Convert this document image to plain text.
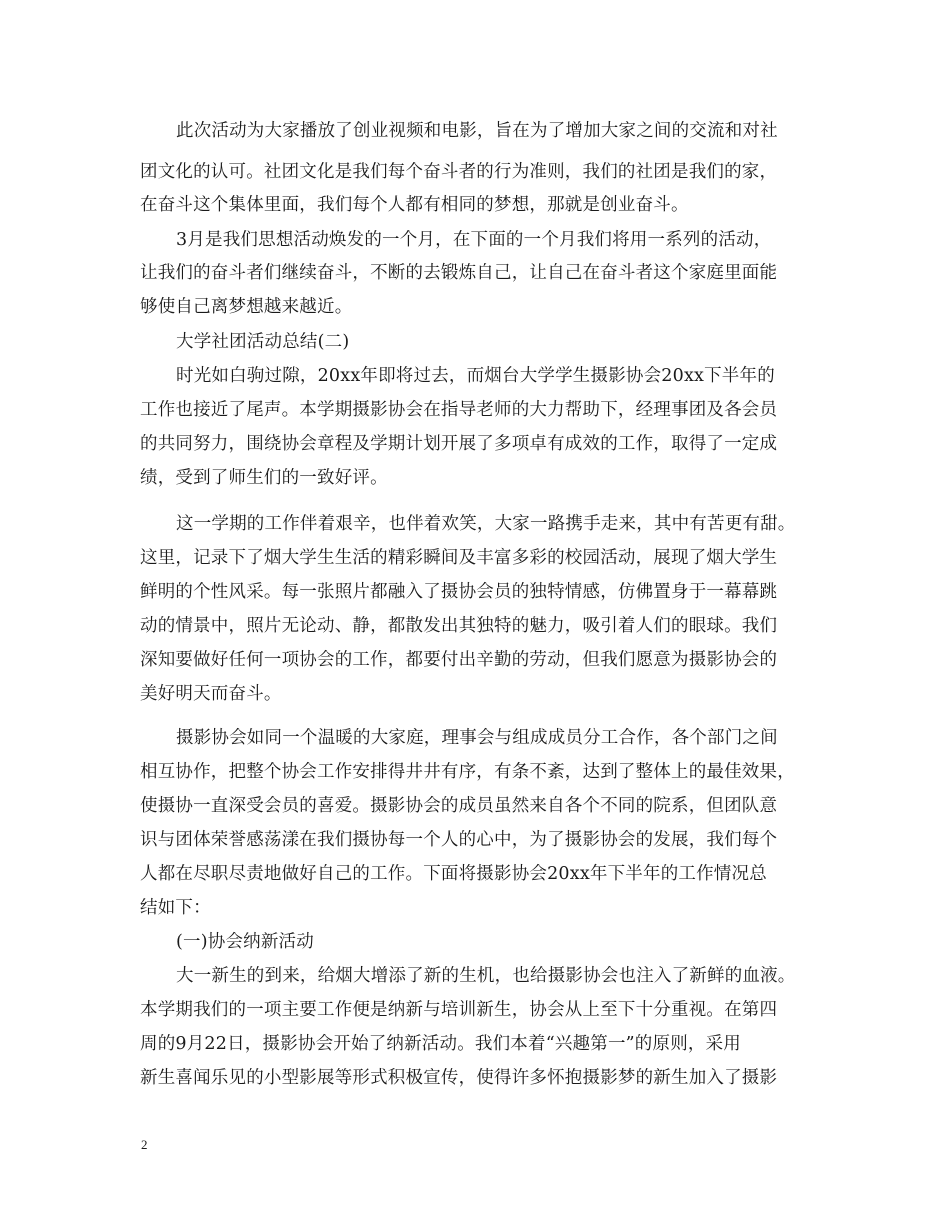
此次活动为大家播放了创业视频和电影，旨在为了增加大家之间的交流和对社
团文化的认可。社团文化是我们每个奋斗者的行为准则，我们的社团是我们的家，
在奋斗这个集体里面，我们每个人都有相同的梦想，那就是创业奋斗。
3月是我们思想活动焕发的一个月，在下面的一个月我们将用一系列的活动，
让我们的奋斗者们继续奋斗，不断的去锻炼自己，让自己在奋斗者这个家庭里面能
够使自己离梦想越来越近。
大学社团活动总结(二)
时光如白驹过隙，20xx年即将过去，而烟台大学学生摄影协会20xx下半年的
工作也接近了尾声。本学期摄影协会在指导老师的大力帮助下，经理事团及各会员
的共同努力，围绕协会章程及学期计划开展了多项卓有成效的工作，取得了一定成
绩，受到了师生们的一致好评。
这一学期的工作伴着艰辛，也伴着欢笑，大家一路携手走来，其中有苦更有甜。
这里，记录下了烟大学生生活的精彩瞬间及丰富多彩的校园活动，展现了烟大学生
鲜明的个性风采。每一张照片都融入了摄协会员的独特情感，仿佛置身于一幕幕跳
动的情景中，照片无论动、静，都散发出其独特的魅力，吸引着人们的眼球。我们
深知要做好任何一项协会的工作，都要付出辛勤的劳动，但我们愿意为摄影协会的
美好明天而奋斗。
摄影协会如同一个温暖的大家庭，理事会与组成成员分工合作，各个部门之间
相互协作，把整个协会工作安排得井井有序，有条不紊，达到了整体上的最佳效果，
使摄协一直深受会员的喜爱。摄影协会的成员虽然来自各个不同的院系，但团队意
识与团体荣誉感荡漾在我们摄协每一个人的心中，为了摄影协会的发展，我们每个
人都在尽职尽责地做好自己的工作。下面将摄影协会20xx年下半年的工作情况总
结如下：
(一)协会纳新活动
大一新生的到来，给烟大增添了新的生机，也给摄影协会也注入了新鲜的血液。
本学期我们的一项主要工作便是纳新与培训新生，协会从上至下十分重视。在第四
周的9月22日，摄影协会开始了纳新活动。我们本着“兴趣第一”的原则，采用
新生喜闻乐见的小型影展等形式积极宣传，使得许多怀抱摄影梦的新生加入了摄影
2
